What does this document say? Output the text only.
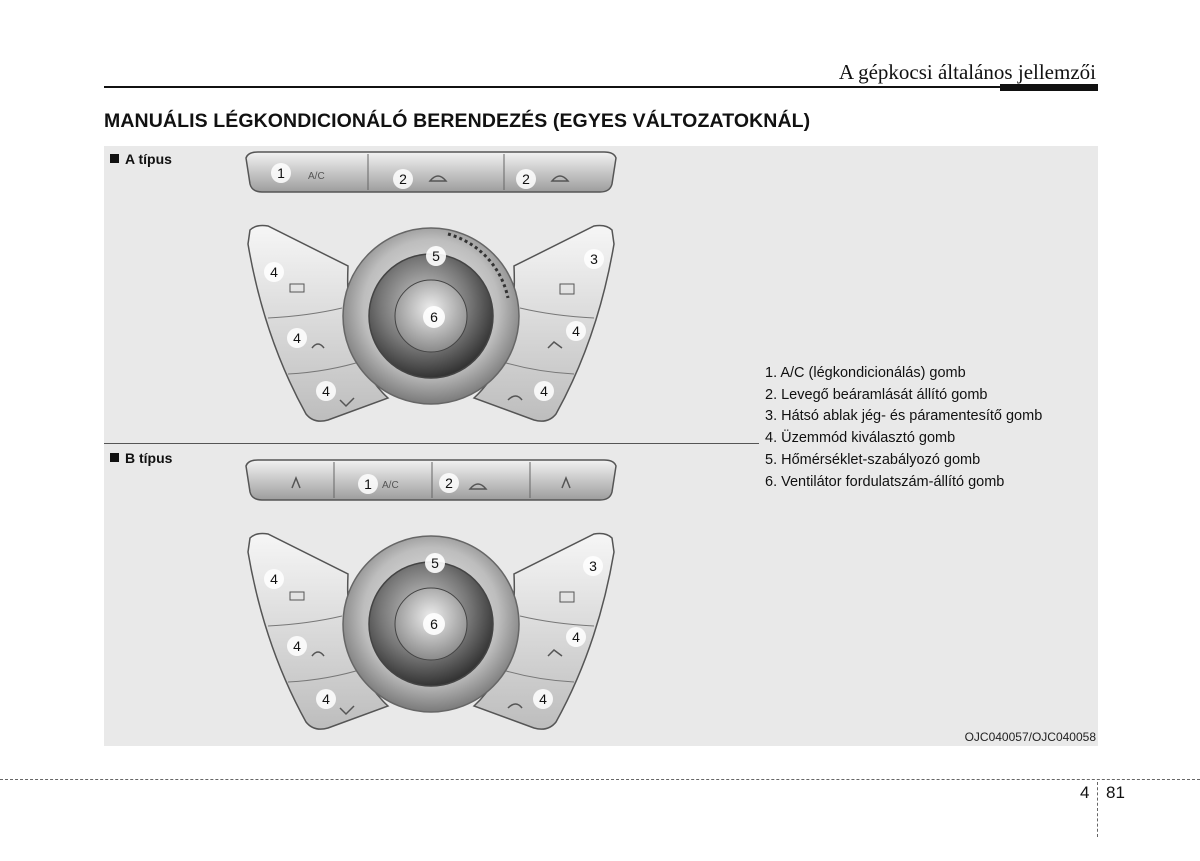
A gépkocsi általános jellemzői
MANUÁLIS LÉGKONDICIONÁLÓ BERENDEZÉS (EGYES VÁLTOZATOKNÁL)
A típus
B típus
A/C
1	2	2
3
4
4
4
4
4
5
6
A/C
1	2
3
4
4
4
4
4
5
6
1. A/C (légkondicionálás) gomb
2. Levegő beáramlását állító gomb
3. Hátsó ablak jég- és páramentesítő gomb
4. Üzemmód kiválasztó gomb
5. Hőmérséklet-szabályozó gomb
6. Ventilátor fordulatszám-állító gomb
OJC040057/OJC040058
4 81
